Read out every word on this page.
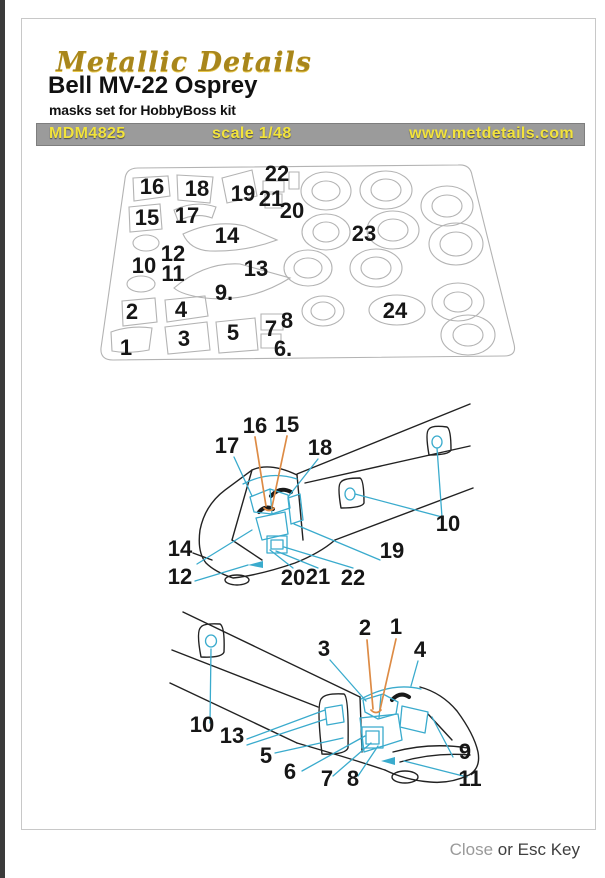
Metallic Details
Bell MV-22 Osprey
masks set for HobbyBoss kit
MDM4825	scale 1/48	www.metdetails.com
16 18 19
22
21
20
15 17
14
12
10 11	13
9.
2 4
3 5 7 8
6.
1
23
24
17
16 15
18
10
19
14
12	20 21 22
2 1
3	4
10 13
5
6 7 8
9
11
Close or Esc Key
